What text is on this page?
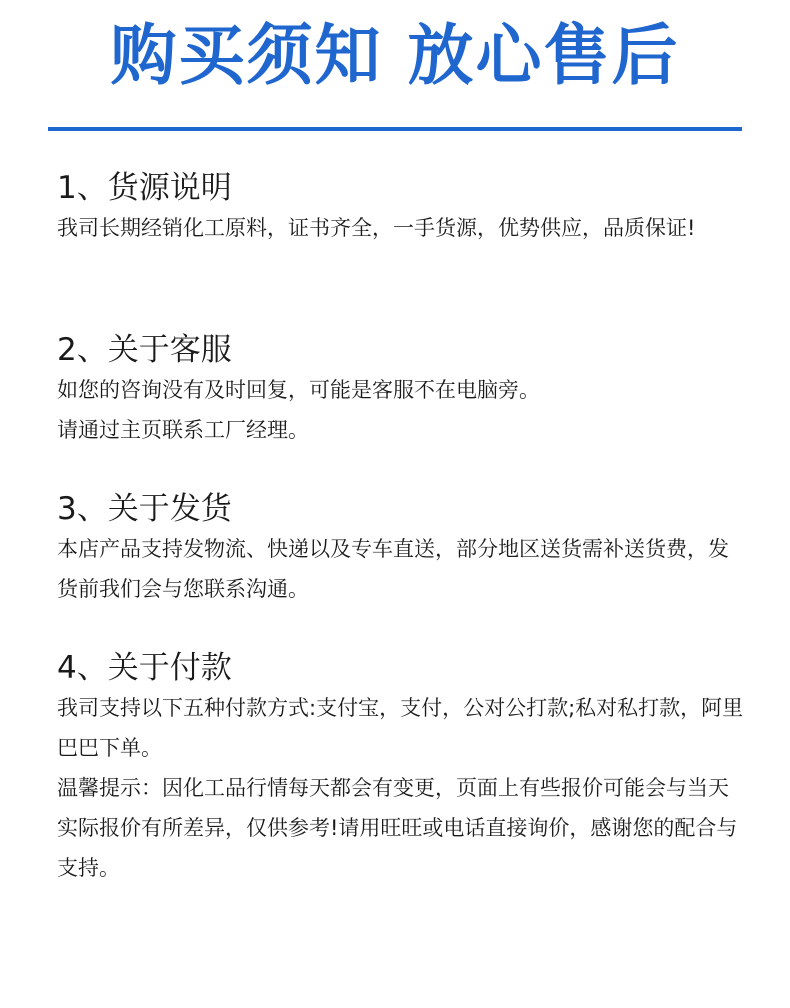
购买须知 放心售后
1、货源说明

我司长期经销化工原料，证书齐全，一手货源，优势供应，品质保证!

2、关于客服

如您的咨询没有及时回复，可能是客服不在电脑旁。

请通过主页联系工厂经理。

3、关于发货

本店产品支持发物流、快递以及专车直送，部分地区送货需补送货费，发货前我们会与您联系沟通。

4、关于付款

我司支持以下五种付款方式:支付宝，支付，公对公打款;私对私打款，阿里巴巴下单。

温馨提示：因化工品行情每天都会有变更，页面上有些报价可能会与当天实际报价有所差异，仅供参考!请用旺旺或电话直接询价，感谢您的配合与支持。
